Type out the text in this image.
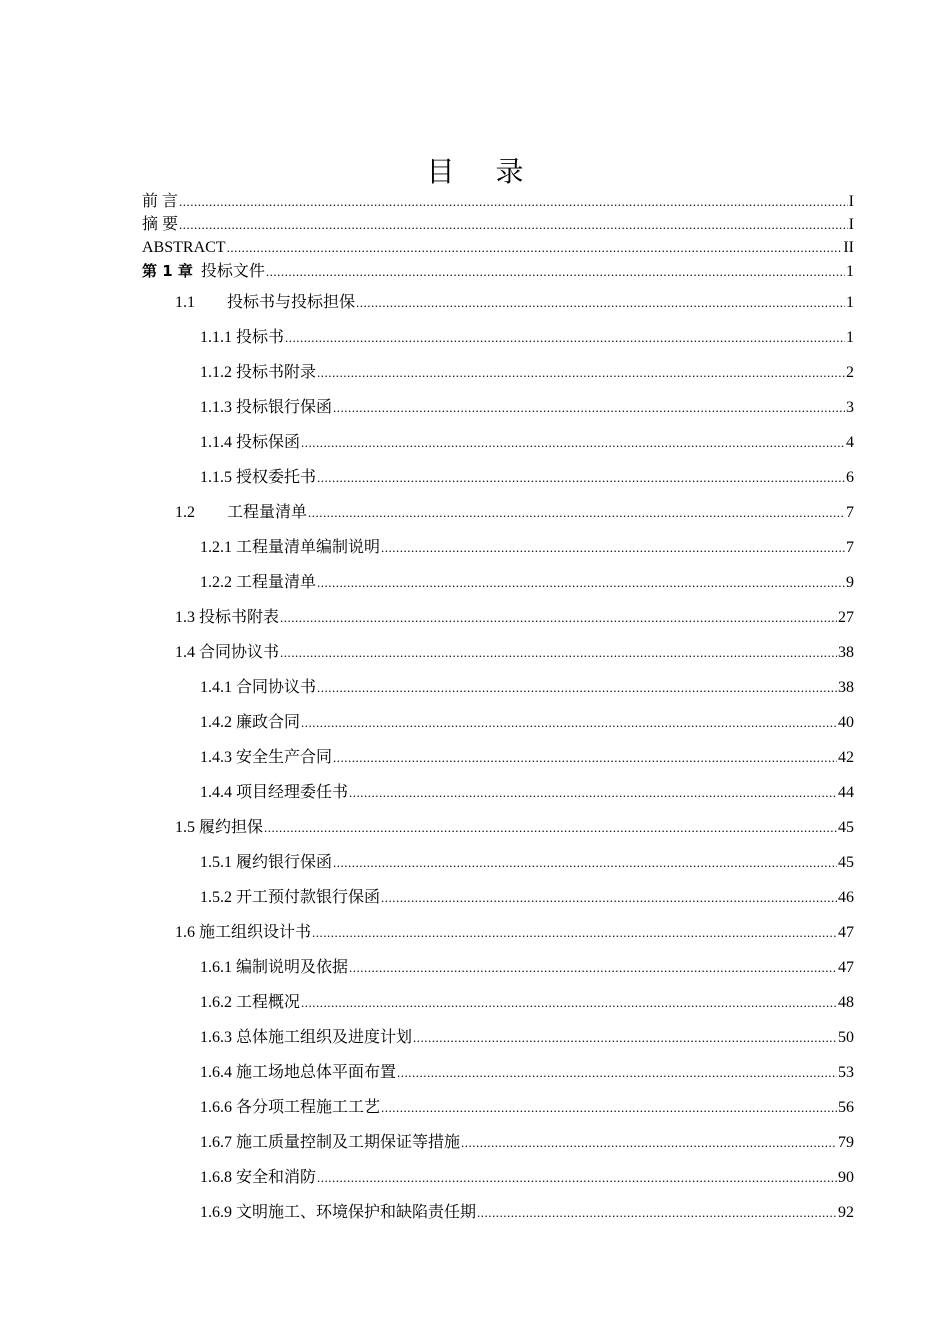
目 录
前 言 .....	I
摘 要 .....	I
ABSTRACT .....	II
第 1 章 投标文件 .....	1
1.1 投标书与投标担保 .....	1
1.1.1 投标书 .....	1
1.1.2 投标书附录 .....	2
1.1.3 投标银行保函 .....	3
1.1.4 投标保函 .....	4
1.1.5 授权委托书 .....	6
1.2 工程量清单 .....	7
1.2.1 工程量清单编制说明 .....	7
1.2.2 工程量清单 .....	9
1.3 投标书附表 .....	27
1.4 合同协议书 .....	38
1.4.1 合同协议书 .....	38
1.4.2 廉政合同 .....	40
1.4.3 安全生产合同 .....	42
1.4.4 项目经理委任书 .....	44
1.5 履约担保 .....	45
1.5.1 履约银行保函 .....	45
1.5.2 开工预付款银行保函 .....	46
1.6 施工组织设计书 .....	47
1.6.1 编制说明及依据 .....	47
1.6.2 工程概况 .....	48
1.6.3 总体施工组织及进度计划 .....	50
1.6.4 施工场地总体平面布置 .....	53
1.6.6 各分项工程施工工艺 .....	56
1.6.7 施工质量控制及工期保证等措施 .....	79
1.6.8 安全和消防 .....	90
1.6.9 文明施工、环境保护和缺陷责任期 .....	92
